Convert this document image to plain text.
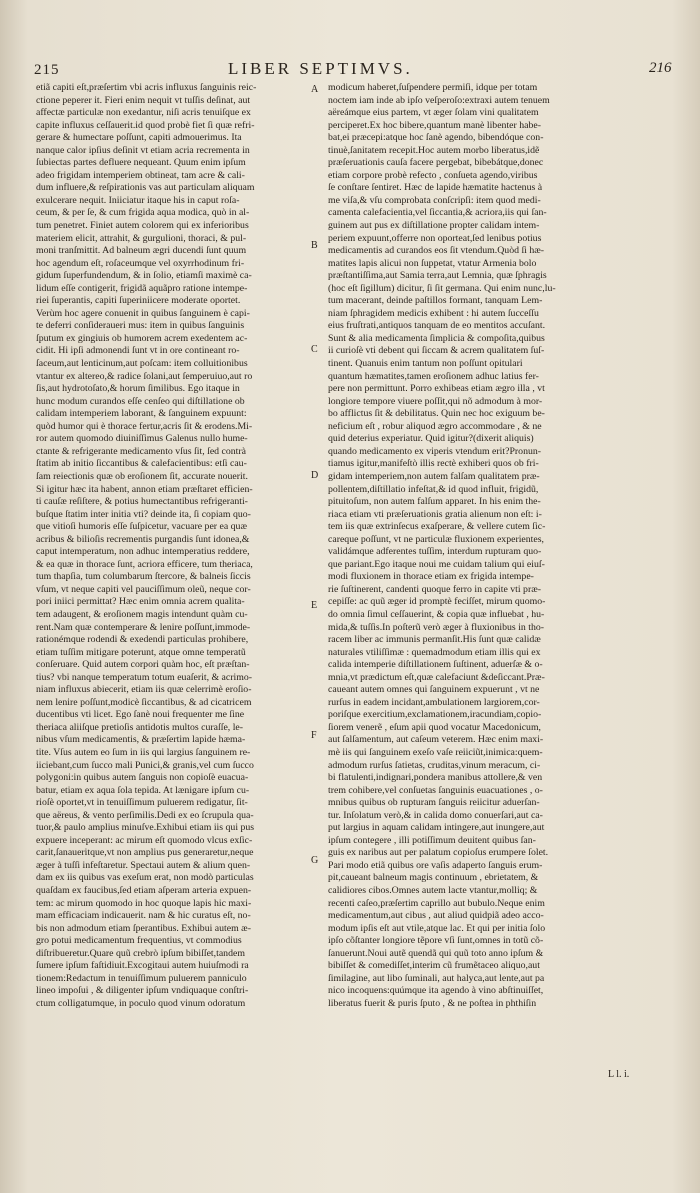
215	LIBER SEPTIMVS.	216
etiã capiti eſt,præſertim vbi acris influxus ſanguinis reic-
ctione peperer it. Fieri enim nequit vt tuſſis deſinat, aut
affectæ particulæ non exedantur, niſi acris tenuiſque ex
capite influxus ceſſauerit.id quod probè fiet ſi quæ refri-
gerare & humectare poſſunt, capiti admouerimus. Ita
nanque calor ipſius deſinit vt etiam acria recrementa in
ſubiectas partes defluere nequeant. Quum enim ipſum
adeo frigidam intemperiem obtineat, tam acre & cali-
dum influere,& reſpirationis vas aut particulam aliquam
exulcerare nequit. Iniiciatur itaque his in caput roſa-
ceum, & per ſe, & cum frigida aqua modica, quò in al-
tum penetret. Finiet autem colorem qui ex inferioribus
materiem elicit, attrahit, & gurgulioni, thoraci, & pul-
moni tranſmittit. Ad balneum ægri ducendi ſunt quum
hoc agendum eſt, roſaceumque vel oxyrrhodinum fri-
gidum ſuperfundendum, & in ſolio, etiamſi maximè ca-
lidum eſſe contigerit, frigidã aquãpro ratione intempe-
riei ſuperantis, capiti ſuperiniicere moderate oportet.
Verùm hoc agere conuenit in quibus ſanguinem è capi-
te deferri conſideraueri mus: item in quibus ſanguinis
ſputum ex gingiuis ob humorem acrem exedentem ac-
cidit. Hi ipſi admonendi ſunt vt in ore contineant ro-
ſaceum,aut lenticinum,aut poſcam: item colluitionibus
vtantur ex altereo,& radice ſolani,aut ſemperuiuo,aut ro
ſis,aut hydrotoſato,& horum ſimilibus. Ego itaque in
hunc modum curandos eſſe cenſeo qui diſtillatione ob
calidam intemperiem laborant, & ſanguinem expuunt:
quòd humor qui è thorace fertur,acris ſit & erodens.Mi-
ror autem quomodo diuiniſſimus Galenus nullo hume-
ctante & refrigerante medicamento vſus ſit, ſed contrà
ſtatim ab initio ſiccantibus & calefacientibus: etſi cau-
ſam reiectionis quæ ob eroſionem ſit, accurate nouerit.
Si igitur hæc ita habent, annon etiam præſtaret efficien-
ti cauſæ reſiſtere, & potius humectantibus refrigeranti-
buſque ſtatim inter initia vti? deinde ita, ſi copiam quo-
que vitioſi humoris eſſe ſuſpicetur, vacuare per ea quæ
acribus & bilioſis recrementis purgandis ſunt idonea,&
caput intemperatum, non adhuc intemperatius reddere,
& ea quæ in thorace ſunt, acriora efficere, tum theriaca,
tum thapſia, tum columbarum ſtercore, & balneis ſiccis
vſum, vt neque capiti vel pauciſſimum oleũ, neque cor-
pori iniici permittat? Hæc enim omnia acrem qualita-
tem adaugent, & eroſionem magis intendunt quàm cu-
rent.Nam quæ contemperare & lenire poſſunt,immode-
rationémque rodendi & exedendi particulas prohibere,
etiam tuſſim mitigare poterunt, atque omne temperatũ
conſeruare. Quid autem corpori quàm hoc, eſt præſtan-
tius? vbi nanque temperatum totum euaſerit, & acrimo-
niam influxus abiecerit, etiam iis quæ celerrimè eroſio-
nem lenire poſſunt,modicè ſiccantibus, & ad cicatricem
ducentibus vti licet. Ego ſanè noui frequenter me ſine
theriaca aliiſque pretioſis antidotis multos curaſſe, le-
nibus vſum medicamentis, & præſertim lapide hæma-
tite. Vſus autem eo ſum in iis qui largius ſanguinem re-
iiciebant,cum ſucco mali Punici,& granis,vel cum ſucco
polygoni:in quibus autem ſanguis non copioſè euacua-
batur, etiam ex aqua ſola tepida. At lænigare ipſum cu-
rioſè oportet,vt in tenuiſſimum puluerem redigatur, ſit-
que aëreus, & vento perſimilis.Dedi ex eo ſcrupula qua-
tuor,& paulo amplius minuſve.Exhibui etiam iis qui pus
expuere inceperant: ac mirum eſt quomodo vlcus exſic-
carit,ſanaueritque,vt non amplius pus generaretur,neque
æger à tuſſi infeſtaretur. Spectaui autem & alium quen-
dam ex iis quibus vas exeſum erat, non modò particulas
quaſdam ex faucibus,ſed etiam aſperam arteria expuen-
tem: ac mirum quomodo in hoc quoque lapis hic maxi-
mam efficaciam indicauerit. nam & hic curatus eſt, no-
bis non admodum etiam ſperantibus. Exhibui autem æ-
gro potui medicamentum frequentius, vt commodius
diſtribueretur.Quare quũ crebrò ipſum bibiſſet,tandem
ſumere ipſum faſtidiuit.Excogitaui autem huiuſmodi ra
tionem:Redactum in tenuiſſimum puluerem panniculo
lineo impoſui , & diligenter ipſum vndiquaque conſtri-
ctum colligatumque, in poculo quod vinum odoratum
modicum haberet,ſuſpendere permiſi, idque per totam
noctem iam inde ab ipſo veſperoſo:extraxi autem tenuem
aëreámque eius partem, vt æger ſolam vini qualitatem
perciperet.Ex hoc bibere,quantum manè libenter habe-
bat,ei præcepi:atque hoc ſanè agendo, bibendóque con-
tinuè,ſanitatem recepit.Hoc autem morbo liberatus,idẽ
præſeruationis cauſa facere pergebat, bibebátque,donec
etiam corpore probè refecto , conſueta agendo,viribus
ſe conſtare ſentiret. Hæc de lapide hæmatite hactenus à
me viſa,& vſu comprobata conſcripſi: item quod medi-
camenta calefacientia,vel ſiccantia,& acriora,iis qui ſan-
guinem aut pus ex diſtillatione propter calidam intem-
periem expuunt,offerre non oporteat,ſed lenibus potius
medicamentis ad curandos eos ſit vtendum.Quòd ſi hæ-
matites lapis alicui non ſuppetat, vtatur Armenia bolo
præſtantiſſima,aut Samia terra,aut Lemnia, quæ ſphragis
(hoc eſt ſigillum) dicitur, ſi ſit germana. Qui enim nunc,lu-
tum macerant, deinde paſtillos formant, tanquam Lem-
niam ſphragidem medicis exhibent : hi autem ſucceſſu
eius fruſtrati,antiquos tanquam de eo mentitos accuſant.
Sunt & alia medicamenta ſimplicia & compoſita,quibus
ii curioſè vti debent qui ſiccam & acrem qualitatem ſuſ-
tinent. Quanuis enim tantum non poſſunt opitulari
quantum hæmatites,tamen eroſionem adhuc latius fer-
pere non permittunt. Porro exhibeas etiam ægro illa , vt
longiore tempore viuere poſſit,qui nõ admodum à mor-
bo afflictus ſit & debilitatus. Quin nec hoc exiguum be-
neficium eſt , robur aliquod ægro accommodare , & ne
quid deterius experiatur. Quid igitur?(dixerit aliquis)
quando medicamento ex viperis vtendum erit?Pronun-
tiamus igitur,manifeſtò illis rectè exhiberi quos ob fri-
gidam intemperiem,non autem falſam qualitatem præ-
pollentem,diſtillatio infeſtat,& id quod influit, frigidũ,
pituitoſum, non autem falſum apparet. In his enim the-
riaca etiam vti præſeruationis gratia alienum non eſt: i-
tem iis quæ extrinſecus exaſperare, & vellere cutem ſic-
careque poſſunt, vt ne particulæ fluxionem experientes,
validámque adferentes tuſſim, interdum rupturam quo-
que pariant.Ego itaque noui me cuidam talium qui eiuſ-
modi fluxionem in thorace etiam ex frigida intempe-
rie ſuſtinerent, candenti quoque ferro in capite vti præ-
cepiſſe: ac quũ æger id promptè feciſſet, mirum quomo-
do omnia ſimul ceſſauerint, & copia quæ influebat , hu-
mida,& tuſſis.In poſterũ verò æger à fluxionibus in tho-
racem liber ac immunis permanſit.His ſunt quæ calidæ
naturales vtiliſſimæ : quemadmodum etiam illis qui ex
calida intemperie diſtillationem ſuſtinent, aduerſæ & o-
mnia,vt prædictum eſt,quæ calefaciunt &deſiccant.Præ-
caueant autem omnes qui ſanguinem expuerunt , vt ne
rurſus in eadem incidant,ambulationem largiorem,cor-
poriſque exercitium,exclamationem,iracundiam,copio-
ſiorem venerẽ , eſum apii quod vocatur Macedonicum,
aut ſalſamentum, aut caſeum veterem. Hæc enim maxi-
mè iis qui ſanguinem exeſo vaſe reiiciũt,inimica:quem-
admodum rurſus ſatietas, cruditas,vinum meracum, ci-
bi flatulenti,indignari,pondera manibus attollere,& ven
trem cohibere,vel conſuetas ſanguinis euacuationes , o-
mnibus quibus ob rupturam ſanguis reiicitur aduerſan-
tur. Inſolatum verò,& in calida domo conuerſari,aut ca-
put largius in aquam calidam intingere,aut inungere,aut
ipſum contegere , illi potiſſimum deuitent quibus ſan-
guis ex naribus aut per palatum copioſus erumpere ſolet.
Pari modo etiã quibus ore vaſis adaperto ſanguis erum-
pit,caueant balneum magis continuum , ebrietatem, &
calidiores cibos.Omnes autem lacte vtantur,molliq; &
recenti caſeo,præſertim caprillo aut bubulo.Neque enim
medicamentum,aut cibus , aut aliud quidpiã adeo acco-
modum ipſis eſt aut vtile,atque lac. Et qui per initia ſolo
ipſo cõſtanter longiore tẽpore vſi ſunt,omnes in totũ cõ-
ſanuerunt.Noui autẽ quendã qui quũ toto anno ipſum &
bibiſſet & comediſſet,interim cũ frumẽtaceo aliquo,aut
ſimilagine, aut libo ſuminali, aut halyca,aut lente,aut pa
nico incoquens:quúmque ita agendo à vino abſtinuiſſet,
liberatus fuerit & puris ſputo , & ne poſtea in phthiſin
A
B
C
D
E
F
G
L l. i.
